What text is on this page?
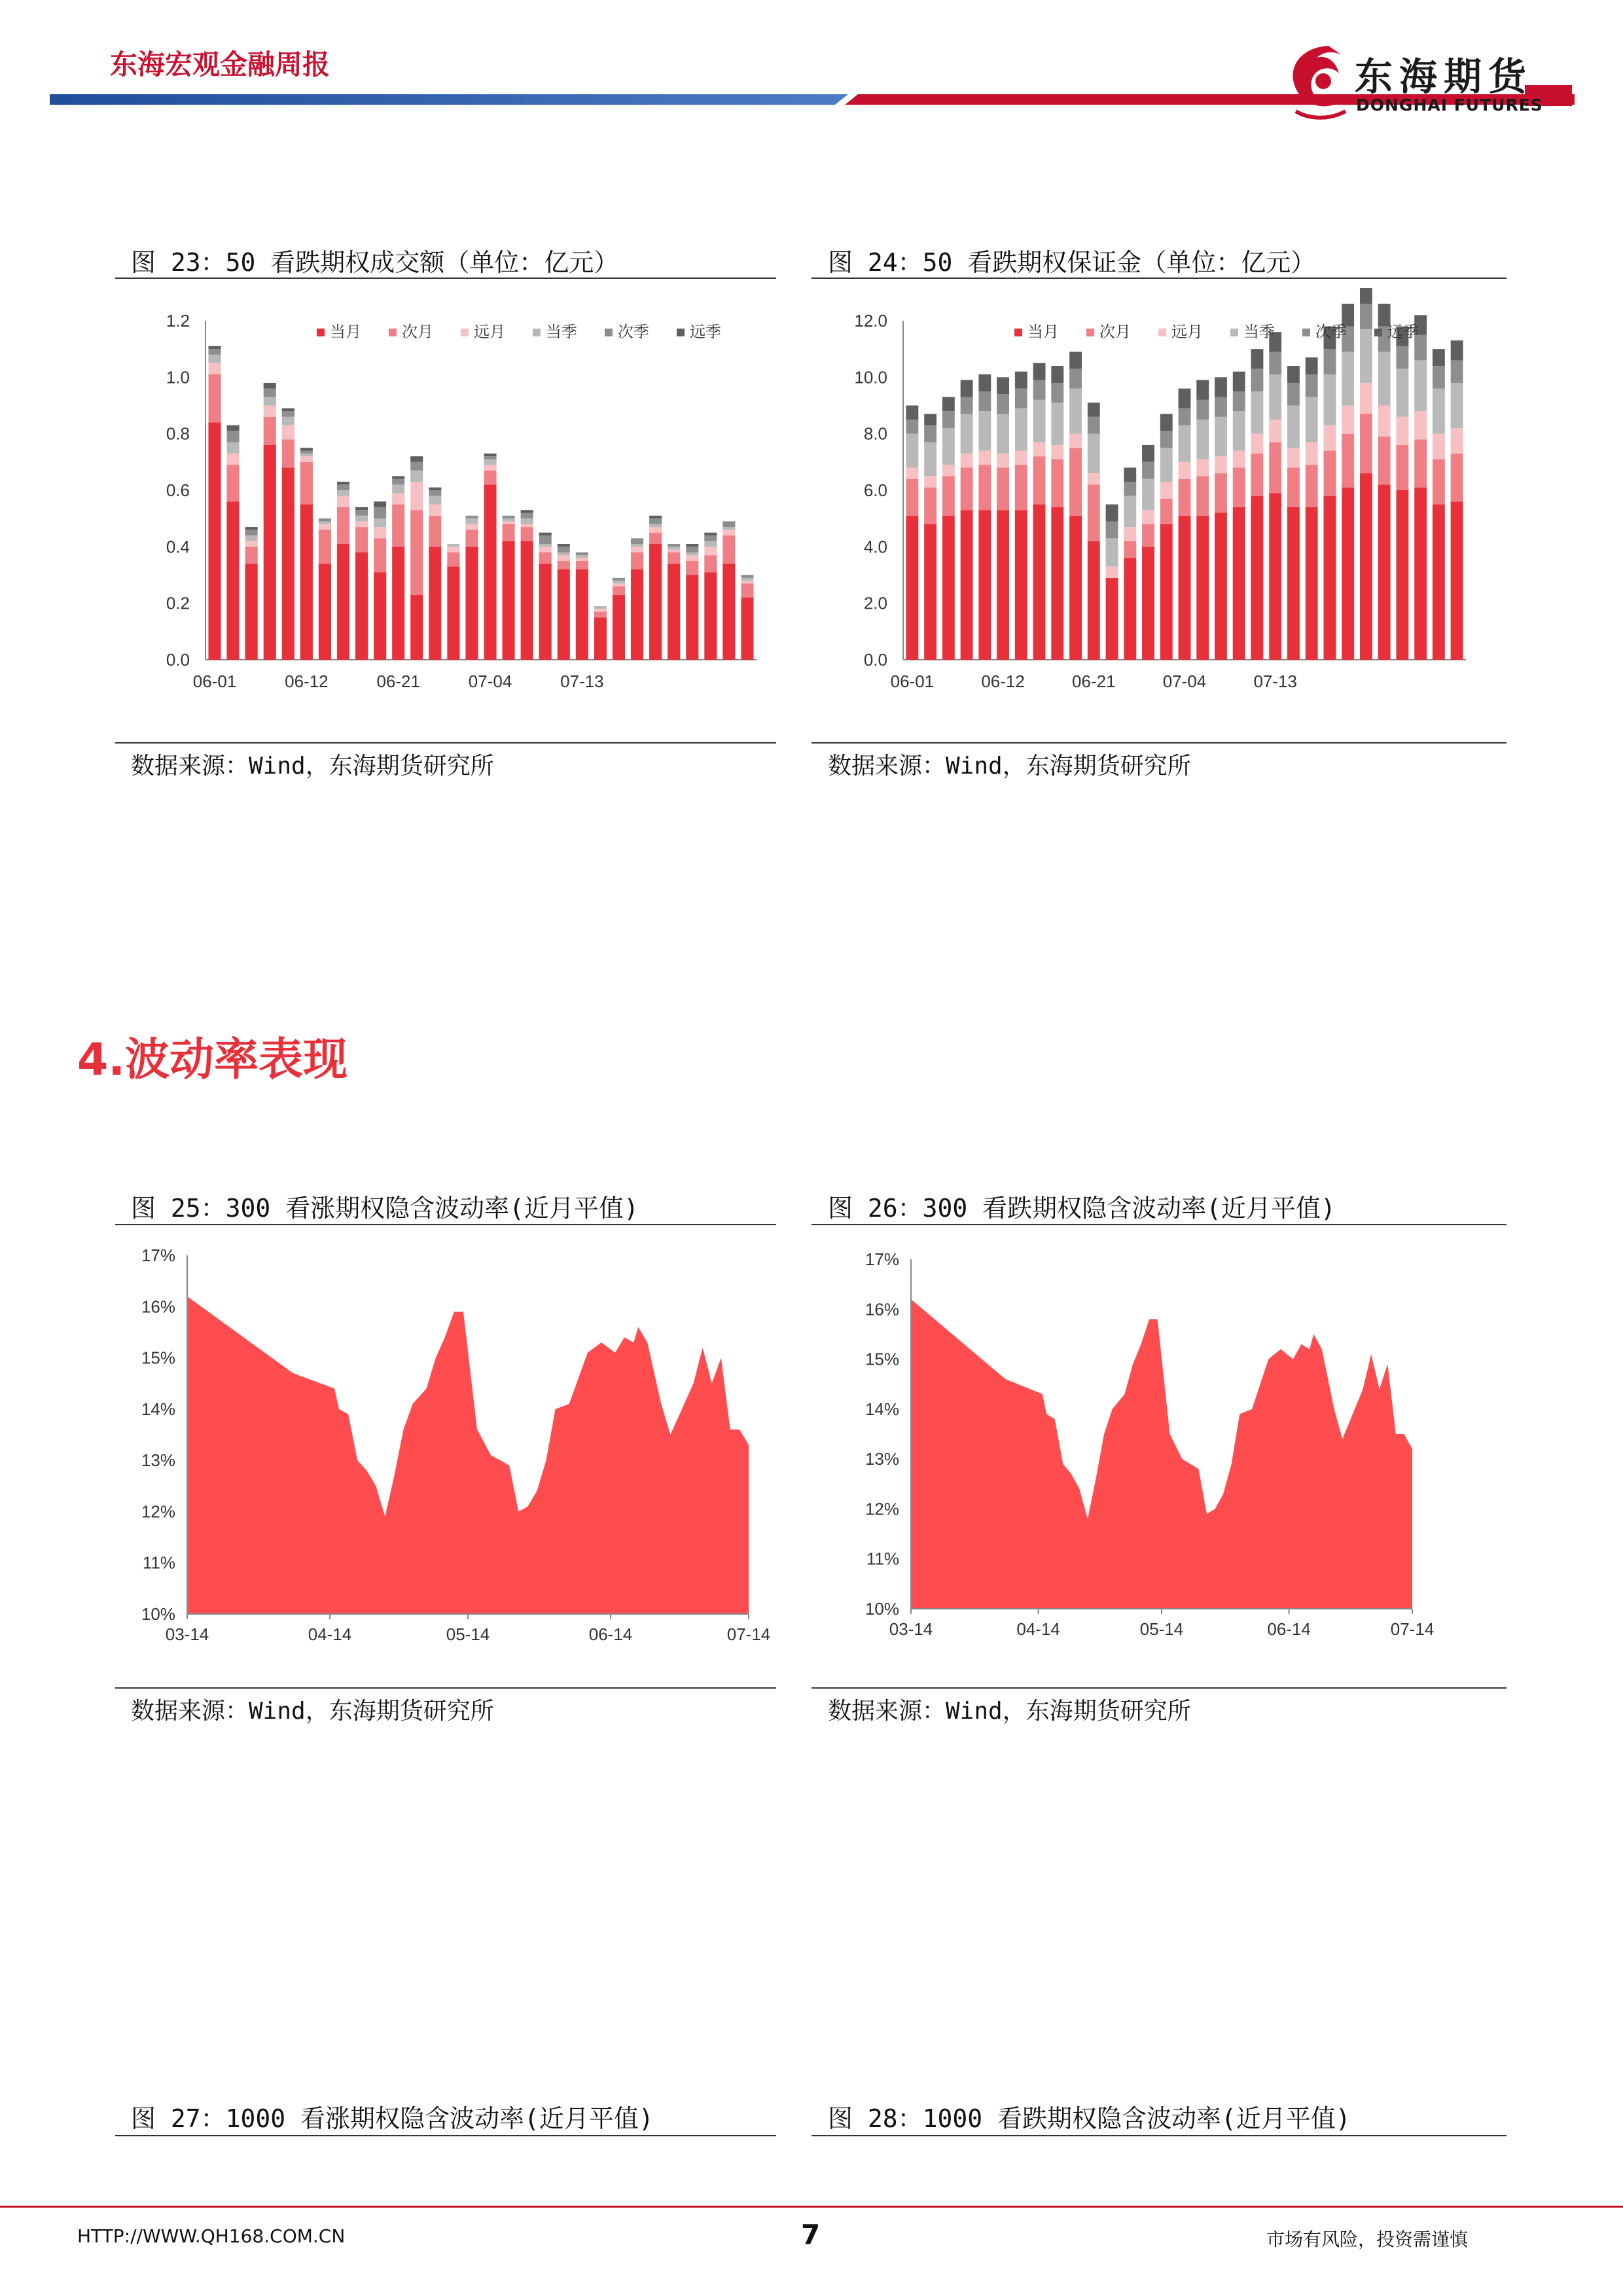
东海宏观金融周报	东海期货
DONGHAI FUTURES
图 23：50 看跌期权成交额（单位：亿元）
0.0
0.2
0.4
0.6
0.8
1.0
1.2
06-01	06-12	06-21	07-04	07-13
当月	次月	远月	当季	次季	远季
数据来源：Wind，东海期货研究所
图 24：50 看跌期权保证金（单位：亿元）
0.0
2.0
4.0
6.0
8.0
10.0
12.0
06-01	06-12	06-21	07-04	07-13
当月	次月	远月	当季	次季	远季
数据来源：Wind，东海期货研究所
4.波动率表现
图 25：300 看涨期权隐含波动率(近月平值)
10%
11%
12%
13%
14%
15%
16%
17%
03-14	04-14	05-14	06-14	07-14
数据来源：Wind，东海期货研究所
图 26：300 看跌期权隐含波动率(近月平值)
10%
11%
12%
13%
14%
15%
16%
17%
03-14	04-14	05-14	06-14	07-14
数据来源：Wind，东海期货研究所
图 27：1000 看涨期权隐含波动率(近月平值)	图 28：1000 看跌期权隐含波动率(近月平值)
HTTP://WWW.QH168.COM.CN	7	市场有风险，投资需谨慎
